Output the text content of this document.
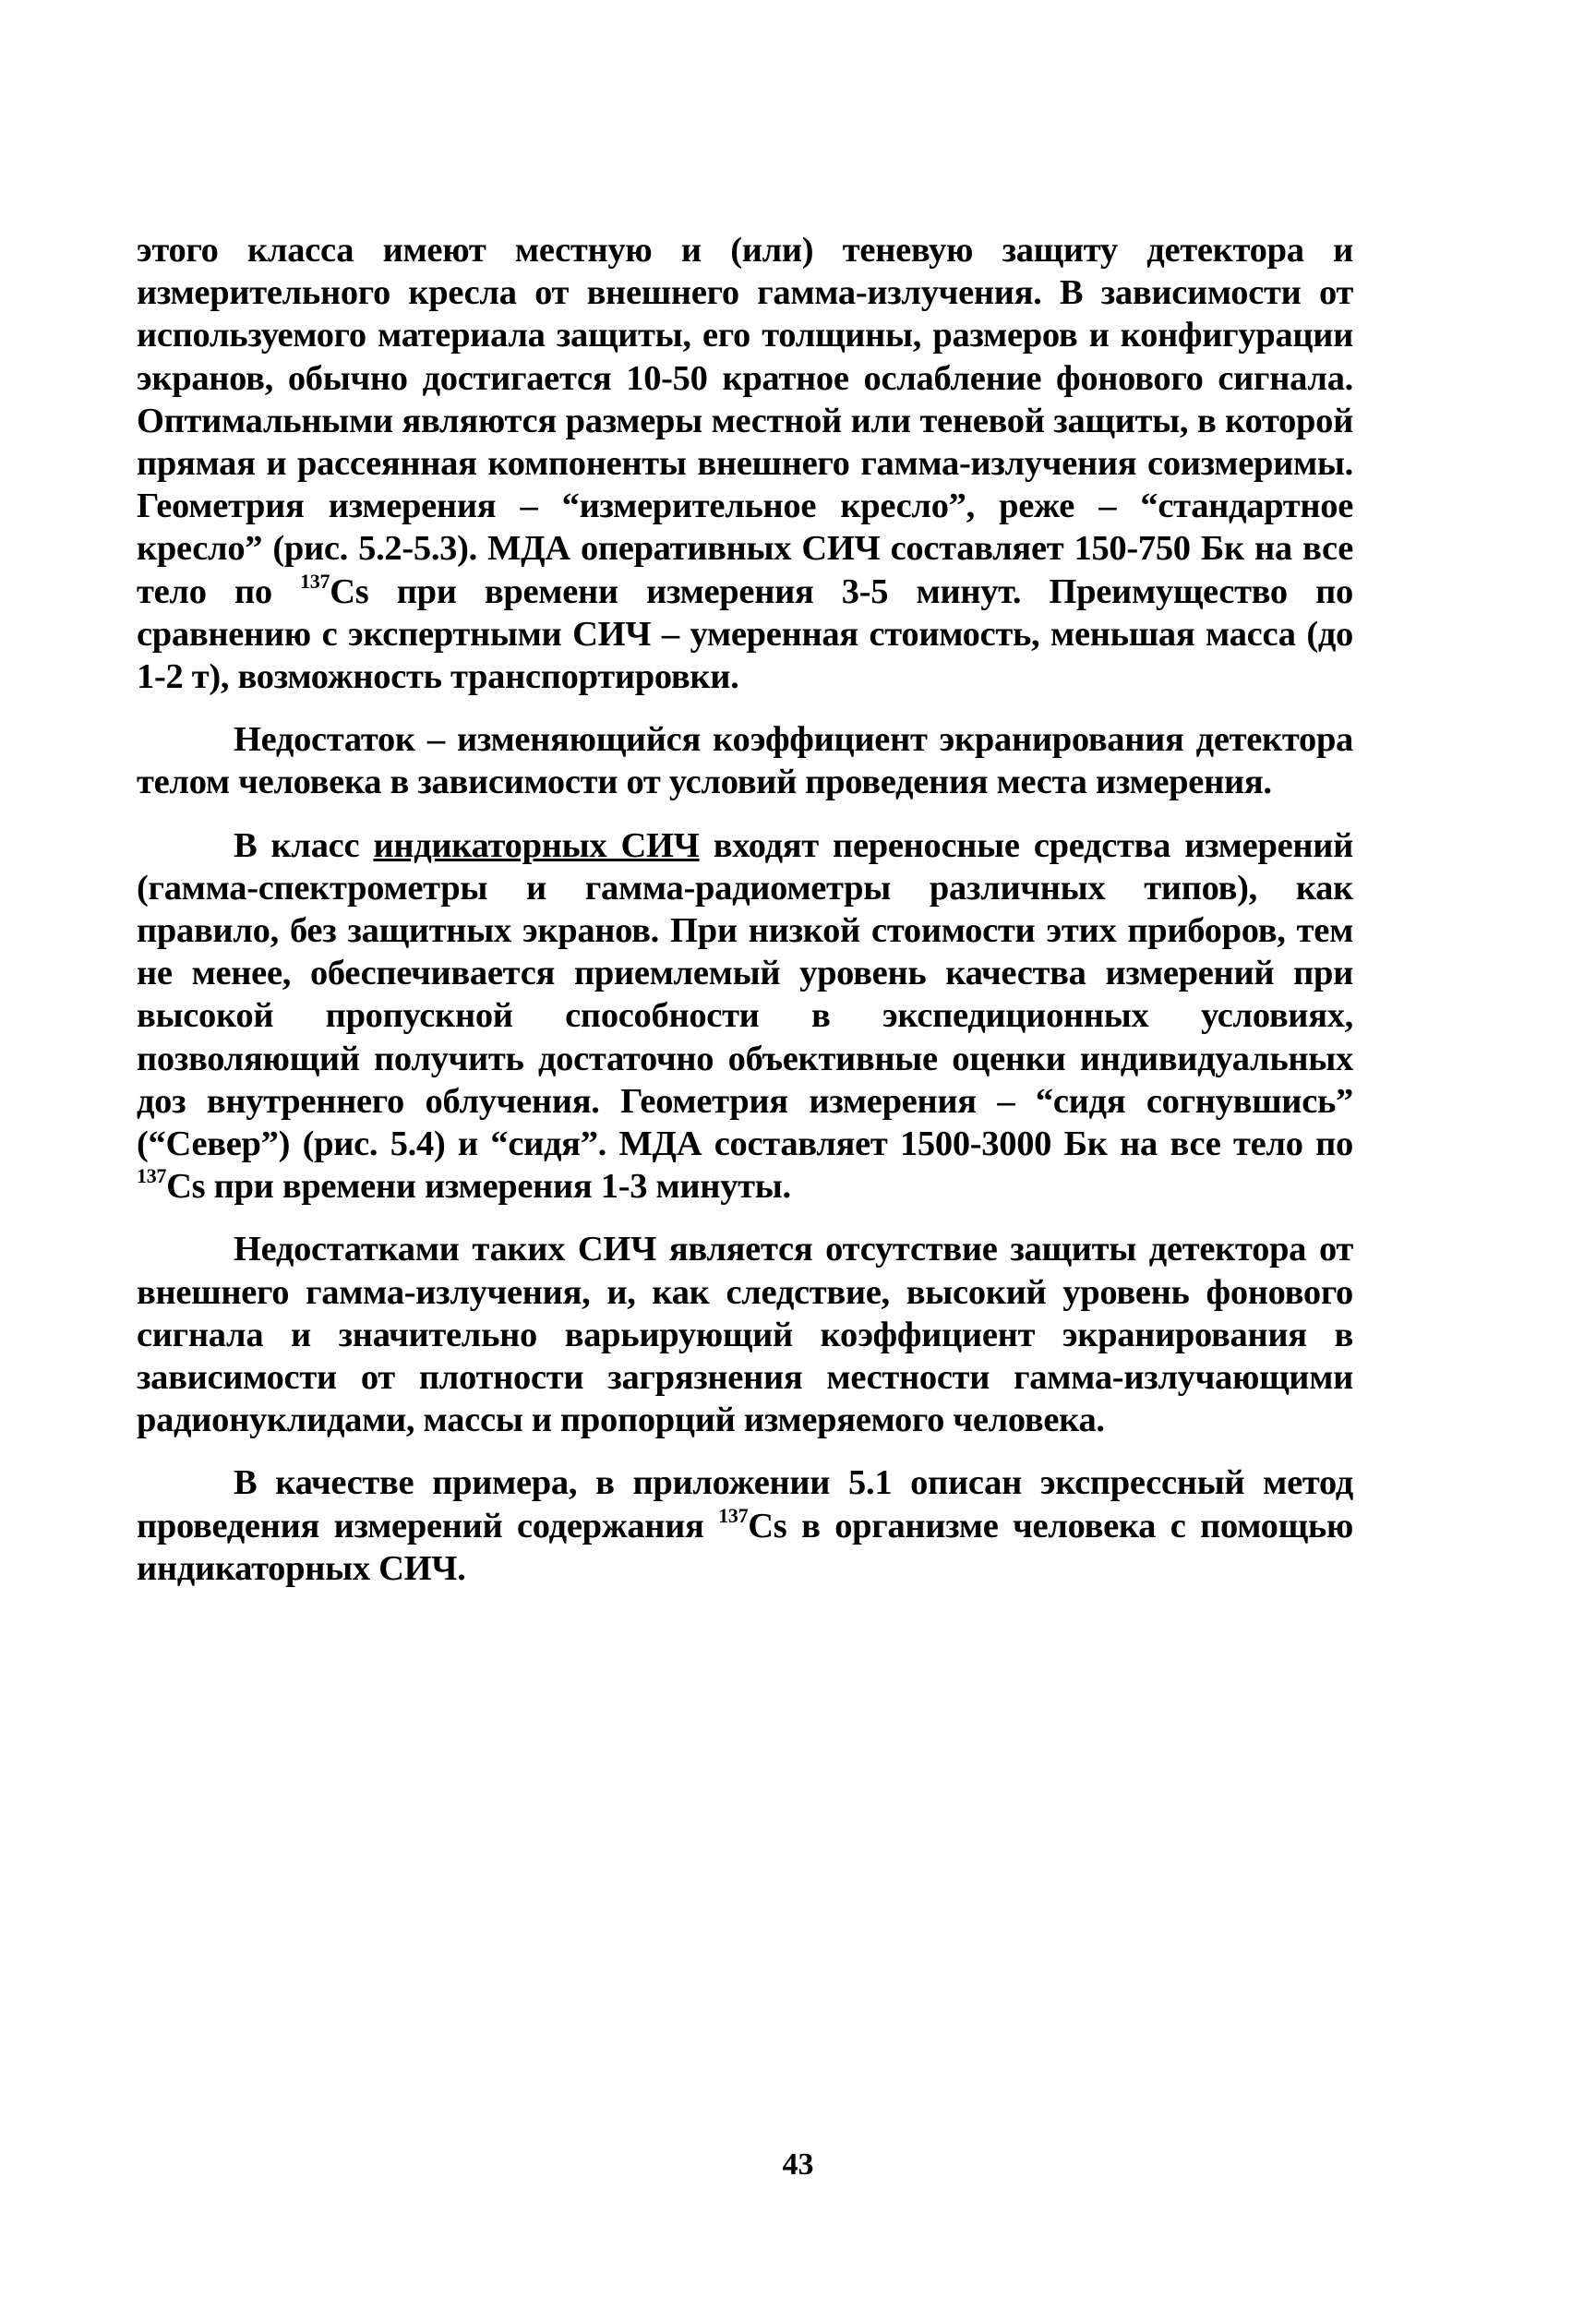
этого класса имеют местную и (или) теневую защиту детектора и измерительного кресла от внешнего гамма-излучения. В зависимости от используемого материала защиты, его толщины, размеров и конфигурации экранов, обычно достигается 10-50 кратное ослабление фонового сигнала. Оптимальными являются размеры местной или теневой защиты, в которой прямая и рассеянная компоненты внешнего гамма-излучения соизмеримы. Геометрия измерения – “измерительное кресло”, реже – “стандартное кресло” (рис. 5.2-5.3). МДА оперативных СИЧ составляет 150-750 Бк на все тело по $^{137}$Cs при времени измерения 3-5 минут. Преимущество по сравнению с экспертными СИЧ – умеренная стоимость, меньшая масса (до 1-2 т), возможность транспортировки.

Недостаток – изменяющийся коэффициент экранирования детектора телом человека в зависимости от условий проведения места измерения.

В класс индикаторных СИЧ входят переносные средства измерений (гамма-спектрометры и гамма-радиометры различных типов), как правило, без защитных экранов. При низкой стоимости этих приборов, тем не менее, обеспечивается приемлемый уровень качества измерений при высокой пропускной способности в экспедиционных условиях, позволяющий получить достаточно объективные оценки индивидуальных доз внутреннего облучения. Геометрия измерения – “сидя согнувшись” (“Север”) (рис. 5.4) и “сидя”. МДА составляет 1500-3000 Бк на все тело по $^{137}$Cs при времени измерения 1-3 минуты.

Недостатками таких СИЧ является отсутствие защиты детектора от внешнего гамма-излучения, и, как следствие, высокий уровень фонового сигнала и значительно варьирующий коэффициент экранирования в зависимости от плотности загрязнения местности гамма-излучающими радионуклидами, массы и пропорций измеряемого человека.

В качестве примера, в приложении 5.1 описан экспрессный метод проведения измерений содержания $^{137}$Cs в организме человека с помощью индикаторных СИЧ.

43
